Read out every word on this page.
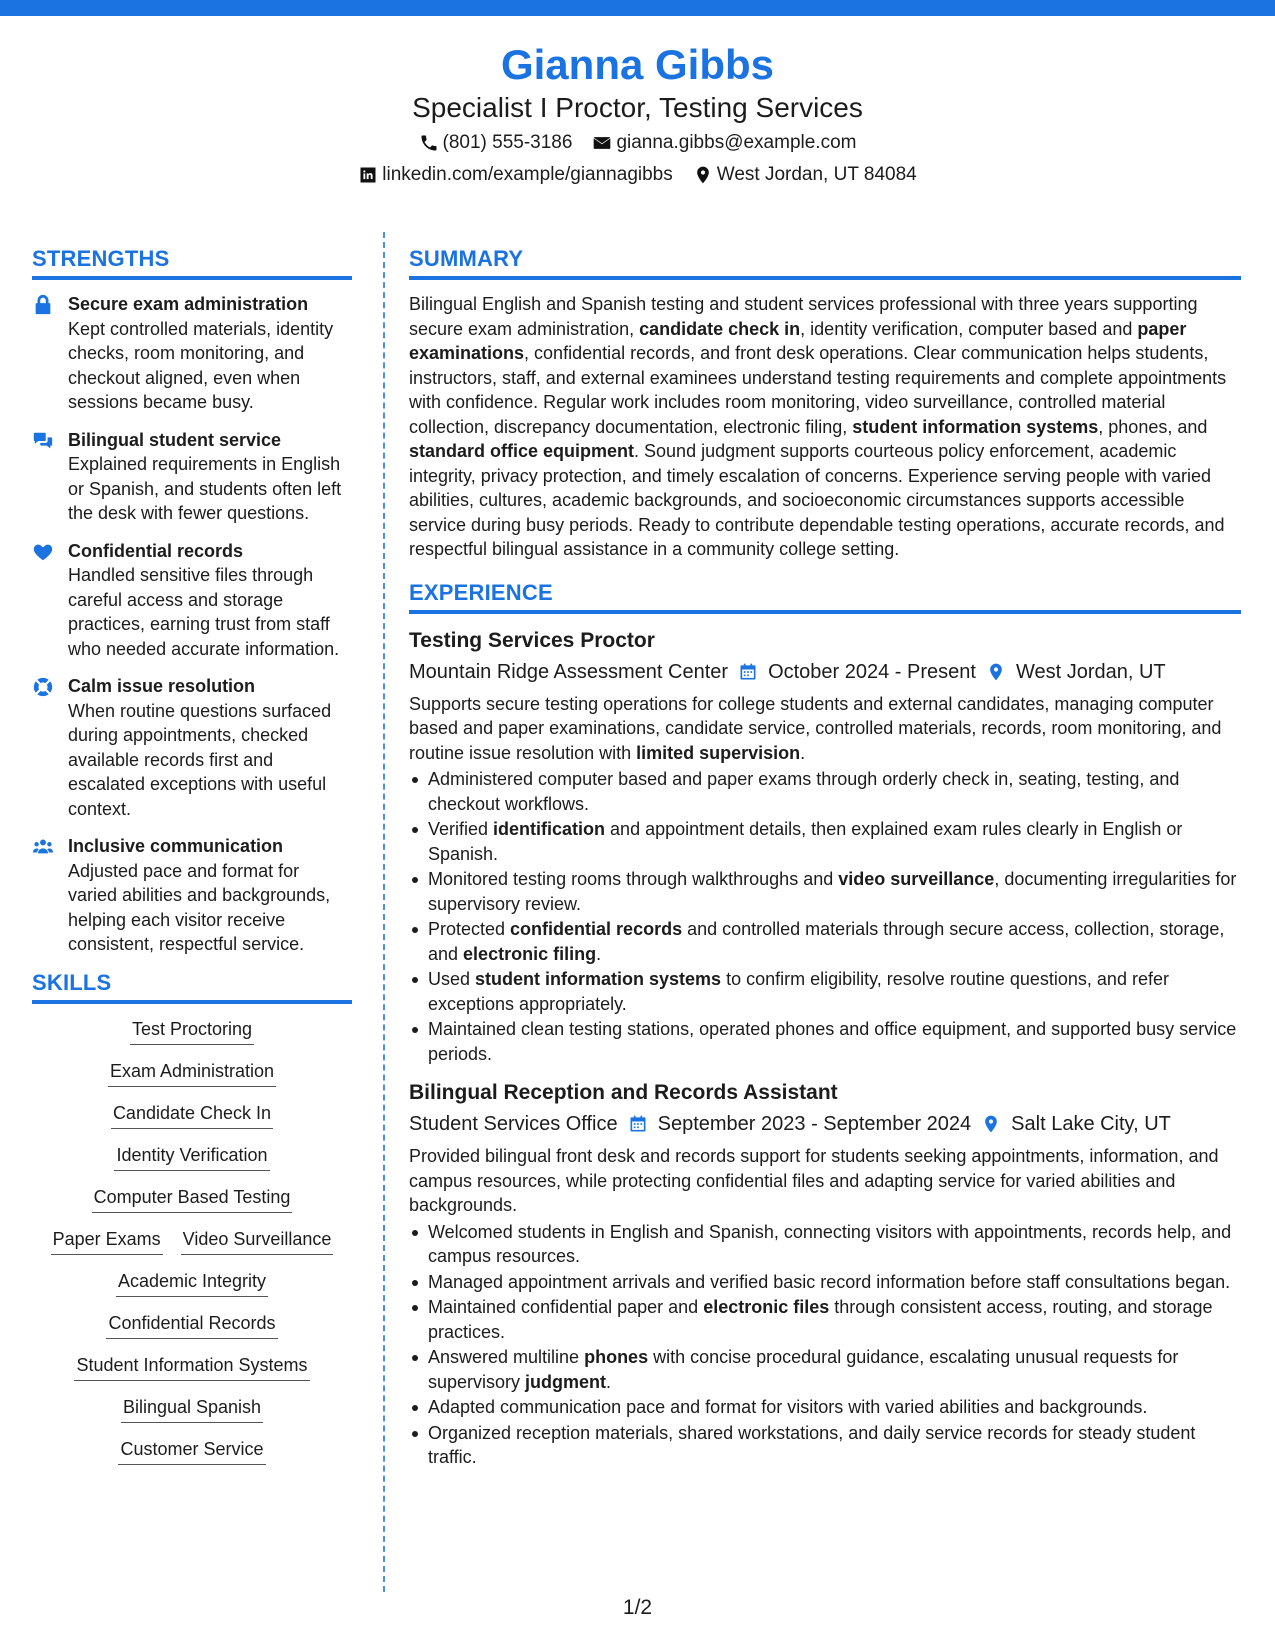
Gianna Gibbs
Specialist I Proctor, Testing Services
(801) 555-3186 gianna.gibbs@example.com
linkedin.com/example/giannagibbs West Jordan, UT 84084
STRENGTHS
Secure exam administration
Kept controlled materials, identity checks, room monitoring, and checkout aligned, even when sessions became busy.
Bilingual student service
Explained requirements in English or Spanish, and students often left the desk with fewer questions.
Confidential records
Handled sensitive files through careful access and storage practices, earning trust from staff who needed accurate information.
Calm issue resolution
When routine questions surfaced during appointments, checked available records first and escalated exceptions with useful context.
Inclusive communication
Adjusted pace and format for varied abilities and backgrounds, helping each visitor receive consistent, respectful service.
SKILLS
Test Proctoring
Exam Administration
Candidate Check In
Identity Verification
Computer Based Testing
Paper Exams Video Surveillance
Academic Integrity
Confidential Records
Student Information Systems
Bilingual Spanish
Customer Service
SUMMARY

Bilingual English and Spanish testing and student services professional with three years supporting secure exam administration, candidate check in, identity verification, computer based and paper examinations, confidential records, and front desk operations. Clear communication helps students, instructors, staff, and external examinees understand testing requirements and complete appointments with confidence. Regular work includes room monitoring, video surveillance, controlled material collection, discrepancy documentation, electronic filing, student information systems, phones, and standard office equipment. Sound judgment supports courteous policy enforcement, academic integrity, privacy protection, and timely escalation of concerns. Experience serving people with varied abilities, cultures, academic backgrounds, and socioeconomic circumstances supports accessible service during busy periods. Ready to contribute dependable testing operations, accurate records, and respectful bilingual assistance in a community college setting.

EXPERIENCE
Testing Services Proctor
Mountain Ridge Assessment Center October 2024 - Present West Jordan, UT
Supports secure testing operations for college students and external candidates, managing computer based and paper examinations, candidate service, controlled materials, records, room monitoring, and routine issue resolution with limited supervision.
Administered computer based and paper exams through orderly check in, seating, testing, and checkout workflows.
Verified identification and appointment details, then explained exam rules clearly in English or Spanish.
Monitored testing rooms through walkthroughs and video surveillance, documenting irregularities for supervisory review.
Protected confidential records and controlled materials through secure access, collection, storage, and electronic filing.
Used student information systems to confirm eligibility, resolve routine questions, and refer exceptions appropriately.
Maintained clean testing stations, operated phones and office equipment, and supported busy service periods.
Bilingual Reception and Records Assistant
Student Services Office September 2023 - September 2024 Salt Lake City, UT
Provided bilingual front desk and records support for students seeking appointments, information, and campus resources, while protecting confidential files and adapting service for varied abilities and backgrounds.
Welcomed students in English and Spanish, connecting visitors with appointments, records help, and campus resources.
Managed appointment arrivals and verified basic record information before staff consultations began.
Maintained confidential paper and electronic files through consistent access, routing, and storage practices.
Answered multiline phones with concise procedural guidance, escalating unusual requests for supervisory judgment.
Adapted communication pace and format for visitors with varied abilities and backgrounds.
Organized reception materials, shared workstations, and daily service records for steady student traffic.
1/2
